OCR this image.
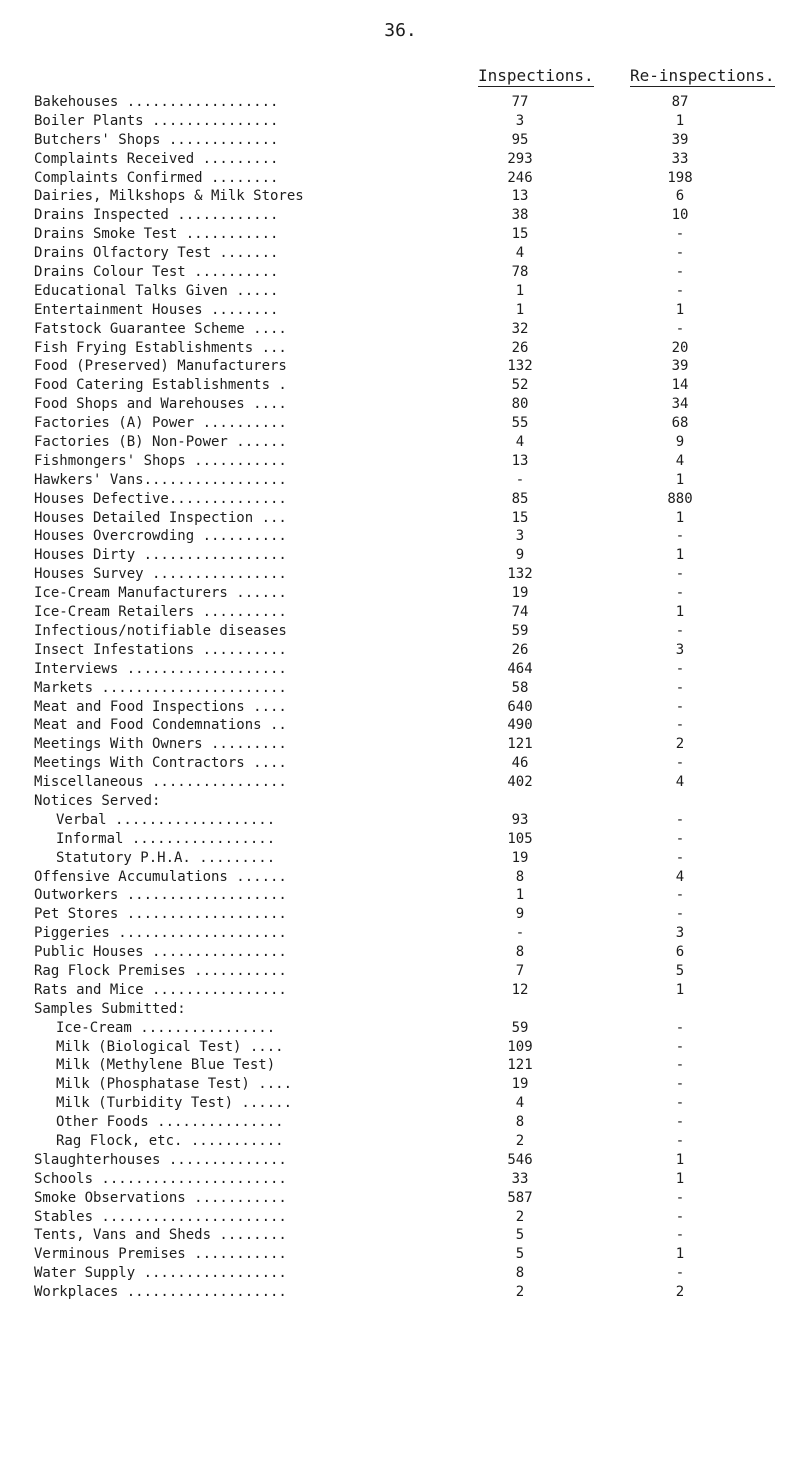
36.
Inspections. Re-inspections.
Bakehouses ..................	77	87
Boiler Plants ...............	3	1
Butchers' Shops .............	95	39
Complaints Received .........	293	33
Complaints Confirmed ........	246	198
Dairies, Milkshops & Milk Stores	13	6
Drains Inspected ............	38	10
Drains Smoke Test ...........	15	-
Drains Olfactory Test .......	4	-
Drains Colour Test ..........	78	-
Educational Talks Given .....	1	-
Entertainment Houses ........	1	1
Fatstock Guarantee Scheme ....	32	-
Fish Frying Establishments ...	26	20
Food (Preserved) Manufacturers	132	39
Food Catering Establishments .	52	14
Food Shops and Warehouses ....	80	34
Factories (A) Power ..........	55	68
Factories (B) Non-Power ......	4	9
Fishmongers' Shops ...........	13	4
Hawkers' Vans.................	-	1
Houses Defective..............	85	880
Houses Detailed Inspection ...	15	1
Houses Overcrowding ..........	3	-
Houses Dirty .................	9	1
Houses Survey ................	132	-
Ice-Cream Manufacturers ......	19	-
Ice-Cream Retailers ..........	74	1
Infectious/notifiable diseases	59	-
Insect Infestations ..........	26	3
Interviews ...................	464	-
Markets ......................	58	-
Meat and Food Inspections ....	640	-
Meat and Food Condemnations ..	490	-
Meetings With Owners .........	121	2
Meetings With Contractors ....	46	-
Miscellaneous ................	402	4
Notices Served:
Verbal ...................	93	-
Informal .................	105	-
Statutory P.H.A. .........	19	-
Offensive Accumulations ......	8	4
Outworkers ...................	1	-
Pet Stores ...................	9	-
Piggeries ....................	-	3
Public Houses ................	8	6
Rag Flock Premises ...........	7	5
Rats and Mice ................	12	1
Samples Submitted:
Ice-Cream ................	59	-
Milk (Biological Test) ....	109	-
Milk (Methylene Blue Test)	121	-
Milk (Phosphatase Test) ....	19	-
Milk (Turbidity Test) ......	4	-
Other Foods ...............	8	-
Rag Flock, etc. ...........	2	-
Slaughterhouses ..............	546	1
Schools ......................	33	1
Smoke Observations ...........	587	-
Stables ......................	2	-
Tents, Vans and Sheds ........	5	-
Verminous Premises ...........	5	1
Water Supply .................	8	-
Workplaces ...................	2	2
